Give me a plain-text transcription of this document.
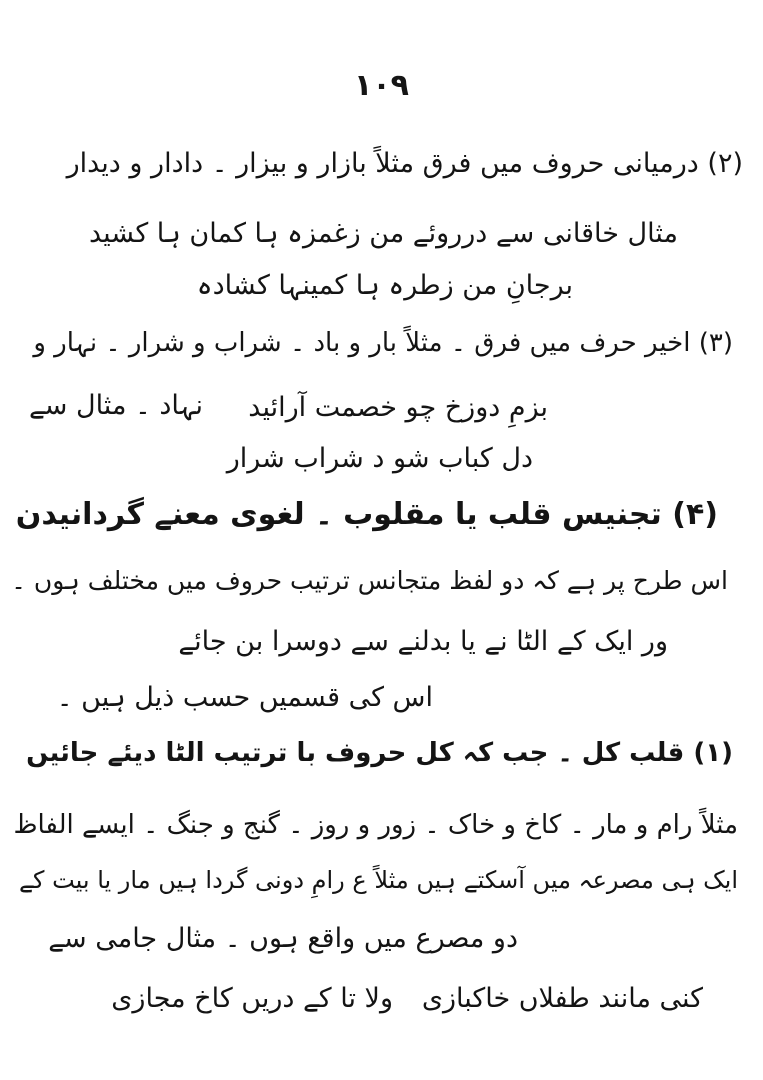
۱۰۹
(۲) درمیانی حروف میں فرق مثلاً بازار و بیزار ۔ دادار و دیدار
مثال خاقانی سے درروئے من زغمزہ ہا کمان ہا کشید
برجانِ من زطرہ ہا کمینہا کشادہ
(۳) اخیر حرف میں فرق ۔ مثلاً بار و باد ۔ شراب و شرار ۔ نہار و
نہاد ۔ مثال سے بزمِ دوزخ چو خصمت آرائید
دل کباب شو د شراب شرار
(۴) تجنیس قلب یا مقلوب ۔ لغوی معنے گردانیدن
اس طرح پر ہے کہ دو لفظ متجانس ترتیب حروف میں مختلف ہوں ۔
ور ایک کے الٹا نے یا بدلنے سے دوسرا بن جائے
اس کی قسمیں حسب ذیل ہیں ۔
(۱) قلب کل ۔ جب کہ کل حروف با ترتیب الٹا دیئے جائیں
مثلاً رام و مار ۔ کاخ و خاک ۔ زور و روز ۔ گنج و جنگ ۔ ایسے الفاظ
ایک ہی مصرعہ میں آسکتے ہیں مثلاً ع رامِ دونی گردا ہیں مار یا بیت کے
دو مصرع میں واقع ہوں ۔ مثال جامی سے
ولا تا کے دریں کاخ مجازی کنی مانند طفلاں خاکبازی
